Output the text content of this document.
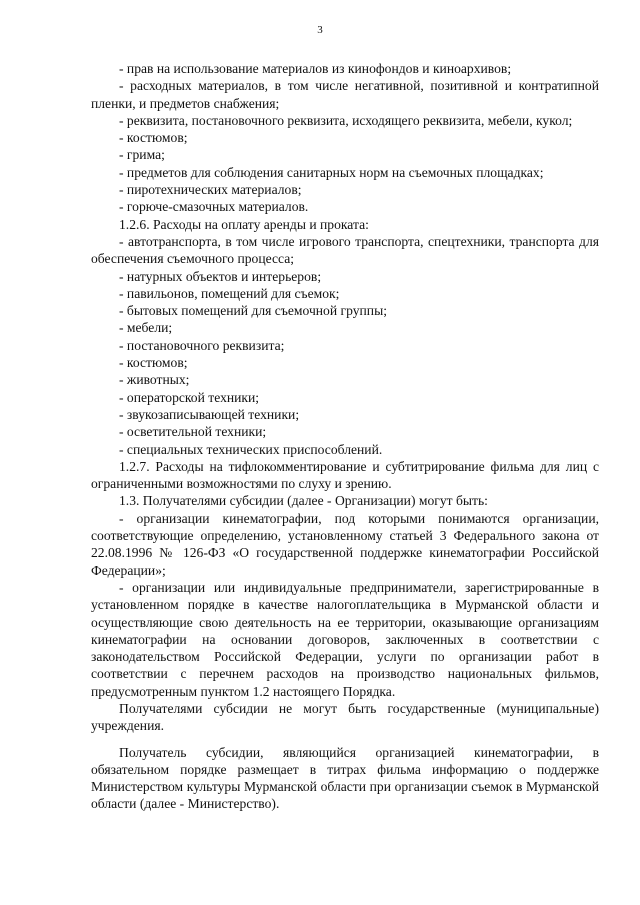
3

- прав на использование материалов из кинофондов и киноархивов;

- расходных материалов, в том числе негативной, позитивной и контратипной пленки, и предметов снабжения;

- реквизита, постановочного реквизита, исходящего реквизита, мебели, кукол;

- костюмов;

- грима;

- предметов для соблюдения санитарных норм на съемочных площадках;

- пиротехнических материалов;

- горюче-смазочных материалов.

1.2.6. Расходы на оплату аренды и проката:

- автотранспорта, в том числе игрового транспорта, спецтехники, транспорта для обеспечения съемочного процесса;

- натурных объектов и интерьеров;

- павильонов, помещений для съемок;

- бытовых помещений для съемочной группы;

- мебели;

- постановочного реквизита;

- костюмов;

- животных;

- операторской техники;

- звукозаписывающей техники;

- осветительной техники;

- специальных технических приспособлений.

1.2.7. Расходы на тифлокомментирование и субтитрирование фильма для лиц с ограниченными возможностями по слуху и зрению.

1.3. Получателями субсидии (далее - Организации) могут быть:

- организации кинематографии, под которыми понимаются организации, соответствующие определению, установленному статьей 3 Федерального закона от 22.08.1996 № 126-ФЗ «О государственной поддержке кинематографии Российской Федерации»;

- организации или индивидуальные предприниматели, зарегистрированные в установленном порядке в качестве налогоплательщика в Мурманской области и осуществляющие свою деятельность на ее территории, оказывающие организациям кинематографии на основании договоров, заключенных в соответствии с законодательством Российской Федерации, услуги по организации работ в соответствии с перечнем расходов на производство национальных фильмов, предусмотренным пунктом 1.2 настоящего Порядка.

Получателями субсидии не могут быть государственные (муниципальные) учреждения.

Получатель субсидии, являющийся организацией кинематографии, в обязательном порядке размещает в титрах фильма информацию о поддержке Министерством культуры Мурманской области при организации съемок в Мурманской области (далее - Министерство).
